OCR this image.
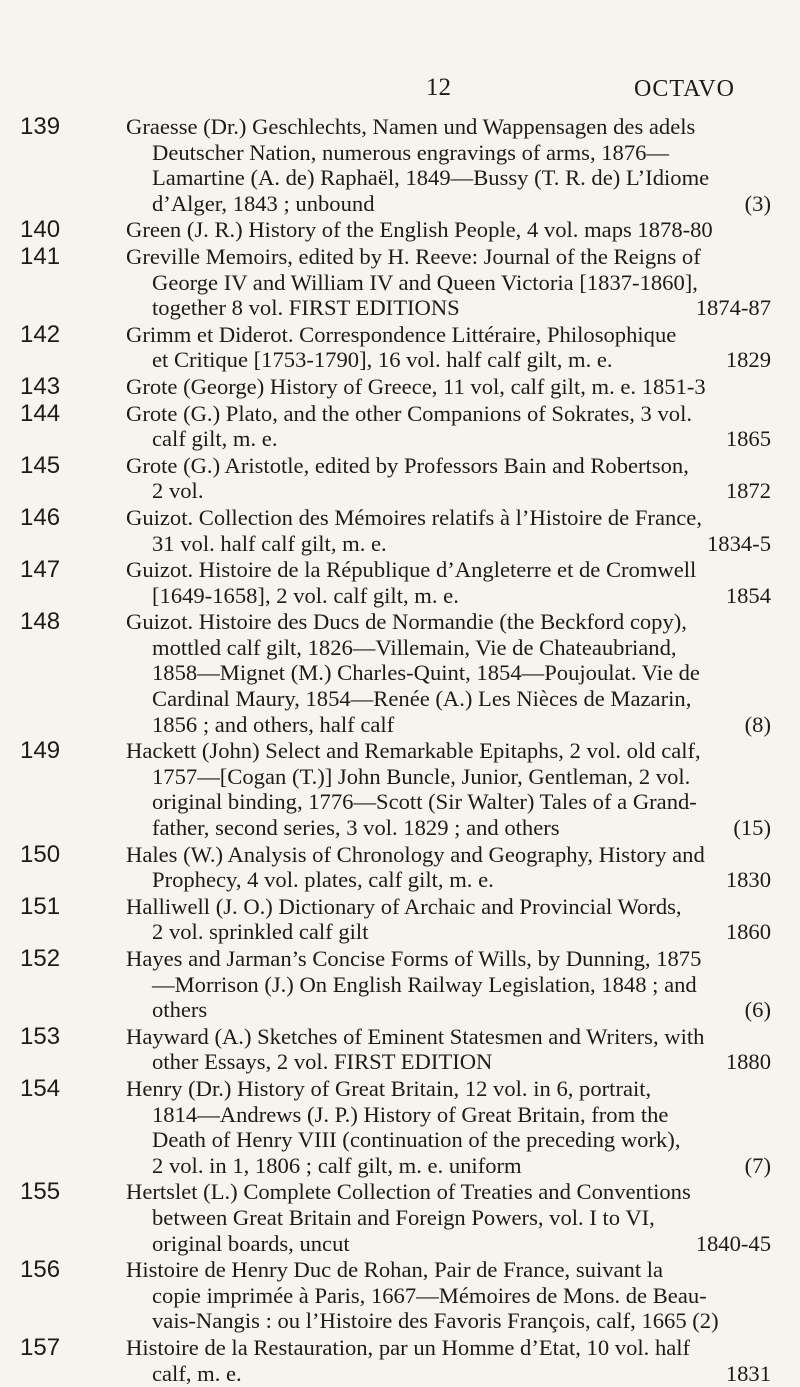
12	OCTAVO
139	Graesse (Dr.) Geschlechts, Namen und Wappensagen des adels
Deutscher Nation, numerous engravings of arms, 1876—
Lamartine (A. de) Raphaël, 1849—Bussy (T. R. de) L’Idiome
d’Alger, 1843 ; unbound	(3)
140	Green (J. R.) History of the English People, 4 vol. maps 1878-80
141	Greville Memoirs, edited by H. Reeve: Journal of the Reigns of
George IV and William IV and Queen Victoria [1837-1860],
together 8 vol. FIRST EDITIONS	1874-87
142	Grimm et Diderot. Correspondence Littéraire, Philosophique
et Critique [1753-1790], 16 vol. half calf gilt, m. e.	1829
143	Grote (George) History of Greece, 11 vol, calf gilt, m. e. 1851-3
144	Grote (G.) Plato, and the other Companions of Sokrates, 3 vol.
calf gilt, m. e.	1865
145	Grote (G.) Aristotle, edited by Professors Bain and Robertson,
2 vol.	1872
146	Guizot. Collection des Mémoires relatifs à l’Histoire de France,
31 vol. half calf gilt, m. e.	1834-5
147	Guizot. Histoire de la République d’Angleterre et de Cromwell
[1649-1658], 2 vol. calf gilt, m. e.	1854
148	Guizot. Histoire des Ducs de Normandie (the Beckford copy),
mottled calf gilt, 1826—Villemain, Vie de Chateaubriand,
1858—Mignet (M.) Charles-Quint, 1854—Poujoulat. Vie de
Cardinal Maury, 1854—Renée (A.) Les Nièces de Mazarin,
1856 ; and others, half calf	(8)
149	Hackett (John) Select and Remarkable Epitaphs, 2 vol. old calf,
1757—[Cogan (T.)] John Buncle, Junior, Gentleman, 2 vol.
original binding, 1776—Scott (Sir Walter) Tales of a Grand-
father, second series, 3 vol. 1829 ; and others	(15)
150	Hales (W.) Analysis of Chronology and Geography, History and
Prophecy, 4 vol. plates, calf gilt, m. e.	1830
151	Halliwell (J. O.) Dictionary of Archaic and Provincial Words,
2 vol. sprinkled calf gilt	1860
152	Hayes and Jarman’s Concise Forms of Wills, by Dunning, 1875
—Morrison (J.) On English Railway Legislation, 1848 ; and
others	(6)
153	Hayward (A.) Sketches of Eminent Statesmen and Writers, with
other Essays, 2 vol. FIRST EDITION	1880
154	Henry (Dr.) History of Great Britain, 12 vol. in 6, portrait,
1814—Andrews (J. P.) History of Great Britain, from the
Death of Henry VIII (continuation of the preceding work),
2 vol. in 1, 1806 ; calf gilt, m. e. uniform	(7)
155	Hertslet (L.) Complete Collection of Treaties and Conventions
between Great Britain and Foreign Powers, vol. I to VI,
original boards, uncut	1840-45
156	Histoire de Henry Duc de Rohan, Pair de France, suivant la
copie imprimée à Paris, 1667—Mémoires de Mons. de Beau-
vais-Nangis : ou l’Histoire des Favoris François, calf, 1665 (2)
157	Histoire de la Restauration, par un Homme d’Etat, 10 vol. half
calf, m. e.	1831
